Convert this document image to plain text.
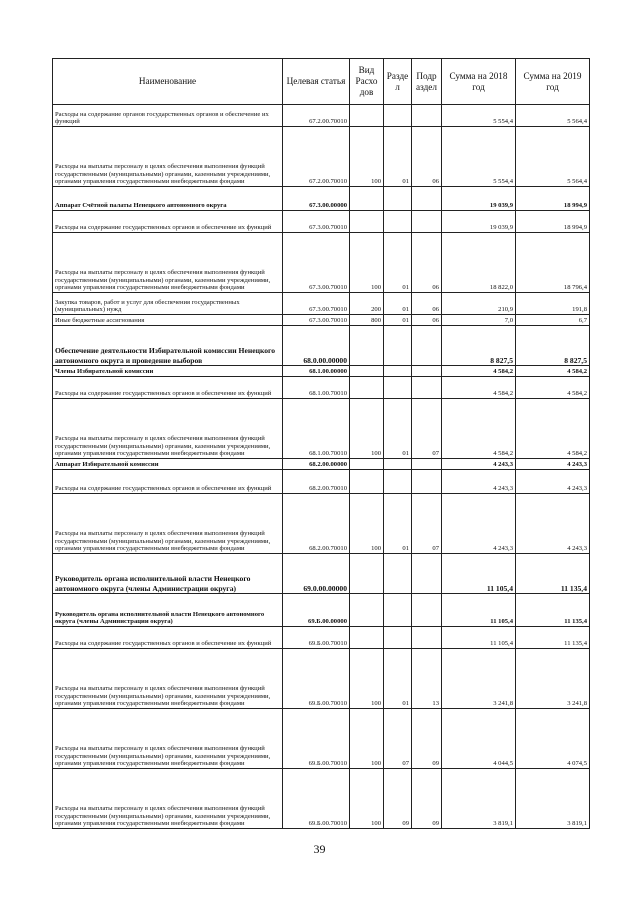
Наименование	Целевая статья	Вид Расхо дов	Разде л	Подр аздел	Сумма на 2018 год	Сумма на 2019 год
Расходы на содержание органов государственных органов и обеспечение их функций	67.2.00.70010				5 554,4	5 564,4
Расходы на выплаты персоналу в целях обеспечения выполнения функций государственными (муниципальными) органами, казенными учреждениями, органами управления государственными внебюджетными фондами	67.2.00.70010	100	01	06	5 554,4	5 564,4
Аппарат Счётной палаты Ненецкого автономного округа	67.3.00.00000				19 039,9	18 994,9
Расходы на содержание государственных органов и обеспечение их функций	67.3.00.70010				19 039,9	18 994,9
Расходы на выплаты персоналу в целях обеспечения выполнения функций государственными (муниципальными) органами, казенными учреждениями, органами управления государственными внебюджетными фондами	67.3.00.70010	100	01	06	18 822,0	18 796,4
Закупка товаров, работ и услуг для обеспечения государственных (муниципальных) нужд	67.3.00.70010	200	01	06	210,9	191,8
Иные бюджетные ассигнования	67.3.00.70010	800	01	06	7,0	6,7
Обеспечение деятельности Избирательной комиссии Ненецкого автономного округа и проведение выборов	68.0.00.00000				8 827,5	8 827,5
Члены Избирательной комиссии	68.1.00.00000				4 584,2	4 584,2
Расходы на содержание государственных органов и обеспечение их функций	68.1.00.70010				4 584,2	4 584,2
Расходы на выплаты персоналу в целях обеспечения выполнения функций государственными (муниципальными) органами, казенными учреждениями, органами управления государственными внебюджетными фондами	68.1.00.70010	100	01	07	4 584,2	4 584,2
Аппарат Избирательной комиссии	68.2.00.00000				4 243,3	4 243,3
Расходы на содержание государственных органов и обеспечение их функций	68.2.00.70010				4 243,3	4 243,3
Расходы на выплаты персоналу в целях обеспечения выполнения функций государственными (муниципальными) органами, казенными учреждениями, органами управления государственными внебюджетными фондами	68.2.00.70010	100	01	07	4 243,3	4 243,3
Руководитель органа исполнительной власти Ненецкого автономного округа (члены Администрации округа)	69.0.00.00000				11 105,4	11 135,4
Руководитель органа исполнительной власти Ненецкого автономного округа (члены Администрации округа)	69.Б.00.00000				11 105,4	11 135,4
Расходы на содержание государственных органов и обеспечение их функций	69.Б.00.70010				11 105,4	11 135,4
Расходы на выплаты персоналу в целях обеспечения выполнения функций государственными (муниципальными) органами, казенными учреждениями, органами управления государственными внебюджетными фондами	69.Б.00.70010	100	01	13	3 241,8	3 241,8
Расходы на выплаты персоналу в целях обеспечения выполнения функций государственными (муниципальными) органами, казенными учреждениями, органами управления государственными внебюджетными фондами	69.Б.00.70010	100	07	09	4 044,5	4 074,5
Расходы на выплаты персоналу в целях обеспечения выполнения функций государственными (муниципальными) органами, казенными учреждениями, органами управления государственными внебюджетными фондами	69.Б.00.70010	100	09	09	3 819,1	3 819,1
39
